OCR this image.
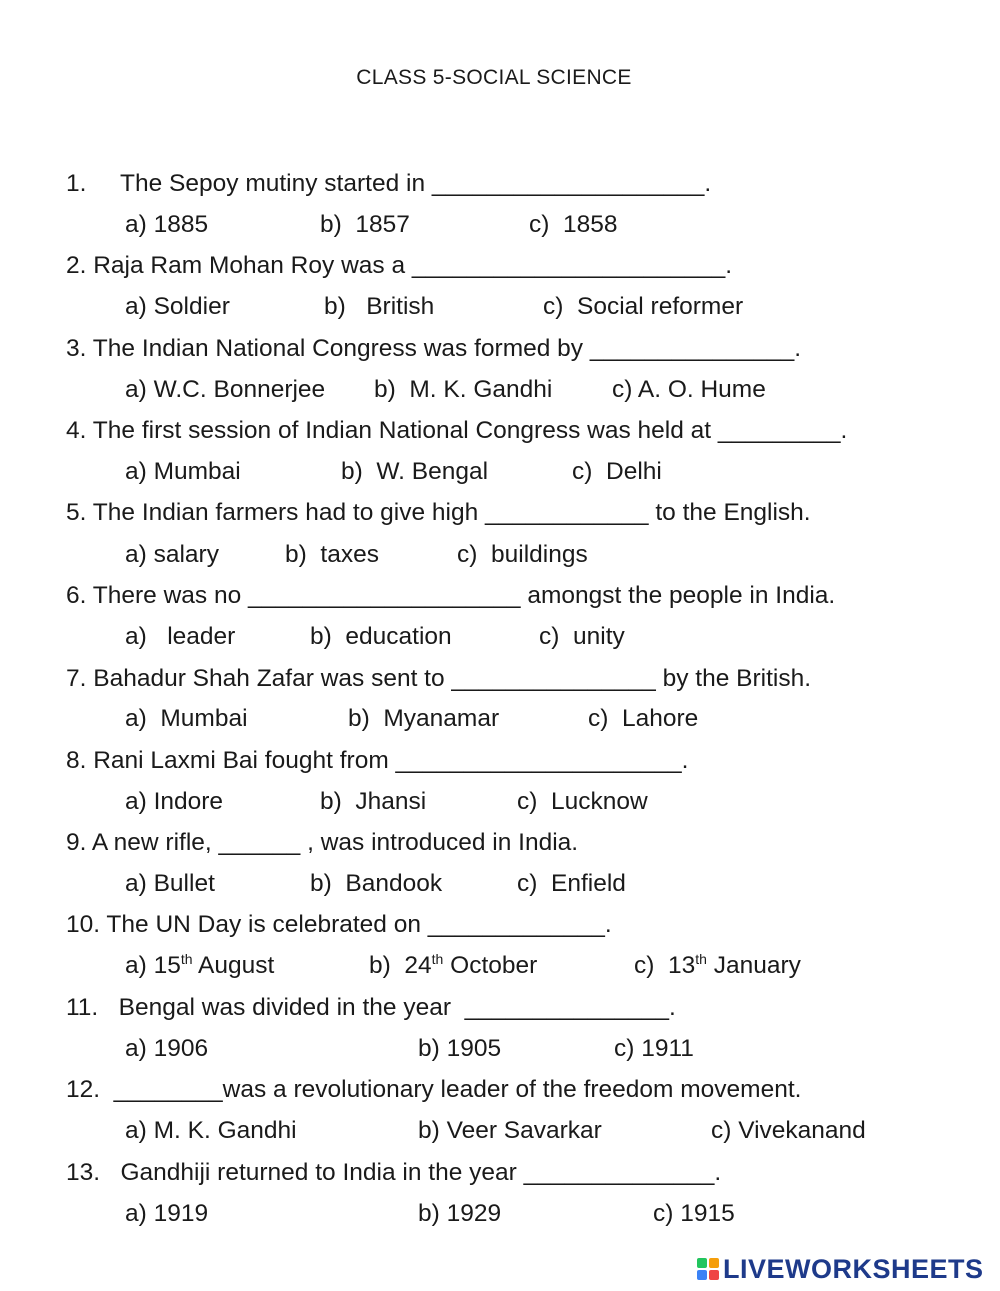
CLASS 5-SOCIAL SCIENCE
1.     The Sepoy mutiny started in ____________________.
a) 1885	b)  1857	c)  1858
2. Raja Ram Mohan Roy was a _______________________.
a) Soldier	b)   British	c)  Social reformer
3. The Indian National Congress was formed by _______________.
a) W.C. Bonnerjee b)  M. K. Gandhi c) A. O. Hume
4. The first session of Indian National Congress was held at _________.
a) Mumbai	b)  W. Bengal	c)  Delhi
5. The Indian farmers had to give high ____________ to the English.
a) salary	b)  taxes	c)  buildings
6. There was no ____________________ amongst the people in India.
a)   leader	b)  education	c)  unity
7. Bahadur Shah Zafar was sent to _______________ by the British.
a)  Mumbai	b)  Myanamar	c)  Lahore
8. Rani Laxmi Bai fought from _____________________.
a) Indore	b)  Jhansi	c)  Lucknow
9. A new rifle, ______ , was introduced in India.
a) Bullet	b)  Bandook	c)  Enfield
10. The UN Day is celebrated on _____________.
a) 15th August	b)  24th October	c)  13th January
11.   Bengal was divided in the year  _______________.
a) 1906	b) 1905	c) 1911
12.  ________was a revolutionary leader of the freedom movement.
a) M. K. Gandhi	b) Veer Savarkar	c) Vivekanand
13.   Gandhiji returned to India in the year ______________.
a) 1919	b) 1929	c) 1915
LIVEWORKSHEETS
